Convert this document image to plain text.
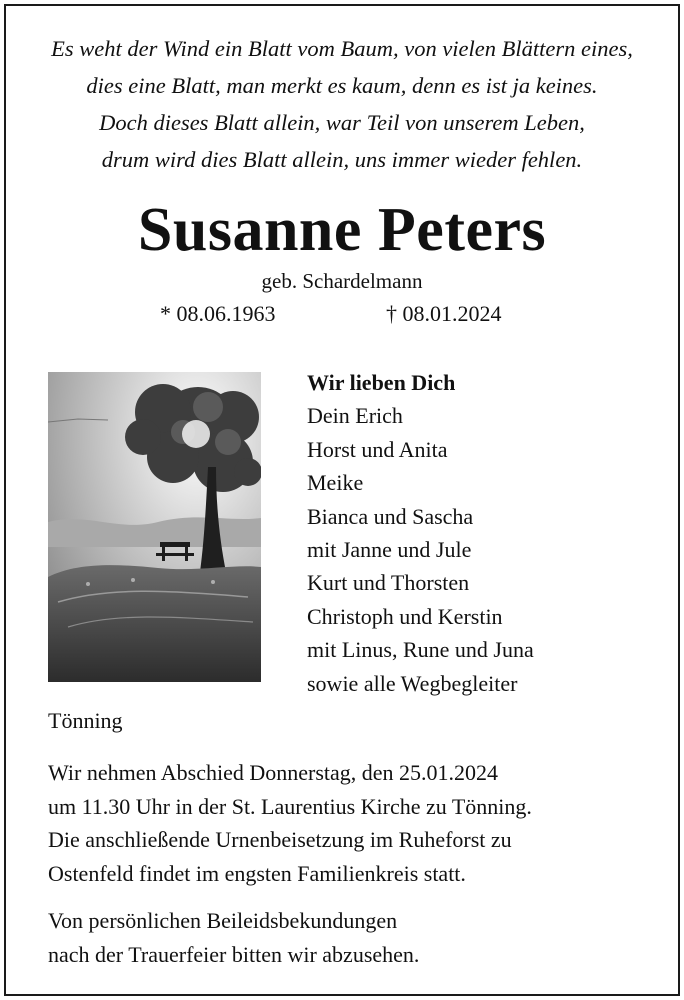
Es weht der Wind ein Blatt vom Baum, von vielen Blättern eines,
dies eine Blatt, man merkt es kaum, denn es ist ja keines.
Doch dieses Blatt allein, war Teil von unserem Leben,
drum wird dies Blatt allein, uns immer wieder fehlen.
Susanne Peters
geb. Schardelmann
* 08.06.1963	† 08.01.2024
Wir lieben Dich
Dein Erich
Horst und Anita
Meike
Bianca und Sascha
mit Janne und Jule
Kurt und Thorsten
Christoph und Kerstin
mit Linus, Rune und Juna
sowie alle Wegbegleiter
Tönning
Wir nehmen Abschied Donnerstag, den 25.01.2024
um 11.30 Uhr in der St. Laurentius Kirche zu Tönning.
Die anschließende Urnenbeisetzung im Ruheforst zu
Ostenfeld findet im engsten Familienkreis statt.
Von persönlichen Beileidsbekundungen
nach der Trauerfeier bitten wir abzusehen.
